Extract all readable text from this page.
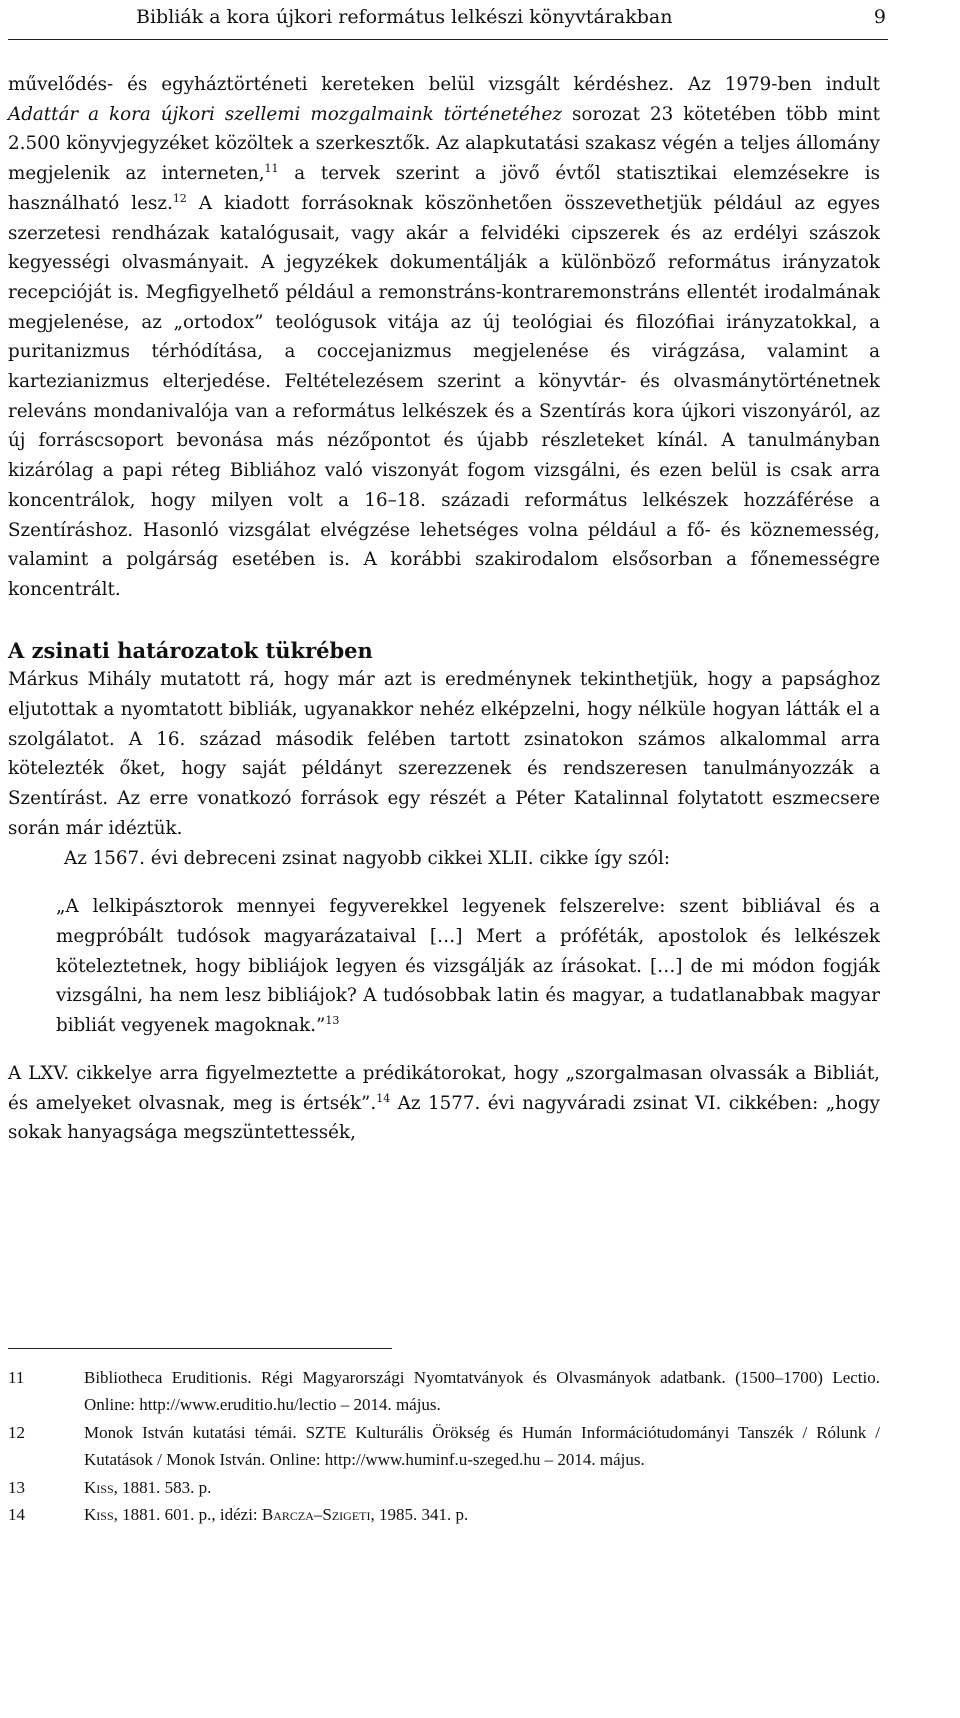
Bibliák a kora újkori református lelkészi könyvtárakban	9

művelődés- és egyháztörténeti kereteken belül vizsgált kérdéshez. Az 1979-ben indult Adattár a kora újkori szellemi mozgalmaink történetéhez sorozat 23 kötetében több mint 2.500 könyvjegyzéket közöltek a szerkesztők. Az alapkutatási szakasz végén a teljes állomány megjelenik az interneten,$^{11}$ a tervek szerint a jövő évtől statisztikai elemzésekre is használható lesz.$^{12}$ A kiadott forrásoknak köszönhetően összevethetjük például az egyes szerzetesi rendházak katalógusait, vagy akár a felvidéki cipszerek és az erdélyi szászok kegyességi olvasmányait. A jegyzékek dokumentálják a különböző református irányzatok recepcióját is. Megfigyelhető például a remonstráns-kontraremonstráns ellentét irodalmának megjelenése, az „ortodox” teológusok vitája az új teológiai és filozófiai irányzatokkal, a puritanizmus térhódítása, a coccejanizmus megjelenése és virágzása, valamint a kartezianizmus elterjedése. Feltételezésem szerint a könyvtár- és olvasmánytörténetnek releváns mondanivalója van a református lelkészek és a Szentírás kora újkori viszonyáról, az új forráscsoport bevonása más nézőpontot és újabb részleteket kínál. A tanulmányban kizárólag a papi réteg Bibliához való viszonyát fogom vizsgálni, és ezen belül is csak arra koncentrálok, hogy milyen volt a 16–18. századi református lelkészek hozzáférése a Szentíráshoz. Hasonló vizsgálat elvégzése lehetséges volna például a fő- és köznemesség, valamint a polgárság esetében is. A korábbi szakirodalom elsősorban a főnemességre koncentrált.

A zsinati határozatok tükrében

Márkus Mihály mutatott rá, hogy már azt is eredménynek tekinthetjük, hogy a papsághoz eljutottak a nyomtatott bibliák, ugyanakkor nehéz elképzelni, hogy nélküle hogyan látták el a szolgálatot. A 16. század második felében tartott zsinatokon számos alkalommal arra kötelezték őket, hogy saját példányt szerezzenek és rendszeresen tanulmányozzák a Szentírást. Az erre vonatkozó források egy részét a Péter Katalinnal folytatott eszmecsere során már idéztük.

Az 1567. évi debreceni zsinat nagyobb cikkei XLII. cikke így szól:

„A lelkipásztorok mennyei fegyverekkel legyenek felszerelve: szent bibliával és a megpróbált tudósok magyarázataival […] Mert a próféták, apostolok és lelkészek köteleztetnek, hogy bibliájok legyen és vizsgálják az írásokat. […] de mi módon fogják vizsgálni, ha nem lesz bibliájok? A tudósobbak latin és magyar, a tudatlanabbak magyar bibliát vegyenek magoknak.”$^{13}$

A LXV. cikkelye arra figyelmeztette a prédikátorokat, hogy „szorgalmasan olvassák a Bibliát, és amelyeket olvasnak, meg is értsék”.$^{14}$ Az 1577. évi nagyváradi zsinat VI. cikkében: „hogy sokak hanyagsága megszüntettessék,

11	Bibliotheca Eruditionis. Régi Magyarországi Nyomtatványok és Olvasmányok adatbank. (1500–1700) Lectio. Online: http://www.eruditio.hu/lectio – 2014. május.
12	Monok István kutatási témái. SZTE Kulturális Örökség és Humán Információtudományi Tanszék / Rólunk / Kutatások / Monok István. Online: http://www.huminf.u-szeged.hu – 2014. május.
13	Kiss, 1881. 583. p.
14	Kiss, 1881. 601. p., idézi: Barcza–Szigeti, 1985. 341. p.
